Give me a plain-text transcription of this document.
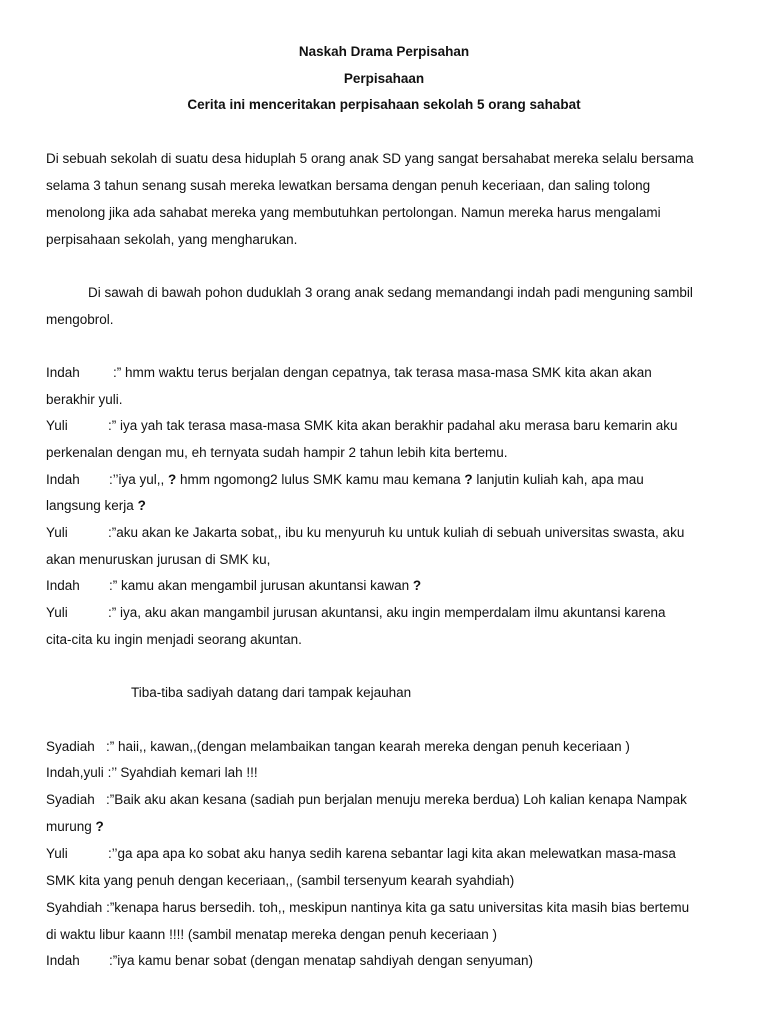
Naskah Drama Perpisahan
Perpisahaan
Cerita ini menceritakan perpisahaan sekolah 5 orang sahabat
Di sebuah sekolah di suatu desa hiduplah 5 orang anak SD yang sangat bersahabat mereka selalu bersama
selama 3 tahun senang susah mereka lewatkan bersama dengan penuh keceriaan, dan saling tolong
menolong jika ada sahabat mereka yang membutuhkan pertolongan. Namun mereka harus mengalami
perpisahaan sekolah, yang mengharukan.
Di sawah di bawah pohon duduklah 3 orang anak sedang memandangi indah padi menguning sambil
mengobrol.
Indah :” hmm waktu terus berjalan dengan cepatnya, tak terasa masa-masa SMK kita akan akan
berakhir yuli.
Yuli	:” iya yah tak terasa masa-masa SMK kita akan berakhir padahal aku merasa baru kemarin aku
perkenalan dengan mu, eh ternyata sudah hampir 2 tahun lebih kita bertemu.
Indah :’’iya yul,, ? hmm ngomong2 lulus SMK kamu mau kemana ? lanjutin kuliah kah, apa mau
langsung kerja ?
Yuli	:”aku akan ke Jakarta sobat,, ibu ku menyuruh ku untuk kuliah di sebuah universitas swasta, aku
akan menuruskan jurusan di SMK ku,
Indah :” kamu akan mengambil jurusan akuntansi kawan ?
Yuli	:” iya, aku akan mangambil jurusan akuntansi, aku ingin memperdalam ilmu akuntansi karena
cita-cita ku ingin menjadi seorang akuntan.
Tiba-tiba sadiyah datang dari tampak kejauhan
Syadiah :” haii,, kawan,,(dengan melambaikan tangan kearah mereka dengan penuh keceriaan )
Indah,yuli :’’ Syahdiah kemari lah !!!
Syadiah :”Baik aku akan kesana (sadiah pun berjalan menuju mereka berdua) Loh kalian kenapa Nampak
murung ?
Yuli	:’’ga apa apa ko sobat aku hanya sedih karena sebantar lagi kita akan melewatkan masa-masa
SMK kita yang penuh dengan keceriaan,, (sambil tersenyum kearah syahdiah)
Syahdiah :”kenapa harus bersedih. toh,, meskipun nantinya kita ga satu universitas kita masih bias bertemu
di waktu libur kaann !!!! (sambil menatap mereka dengan penuh keceriaan )
Indah :”iya kamu benar sobat (dengan menatap sahdiyah dengan senyuman)
